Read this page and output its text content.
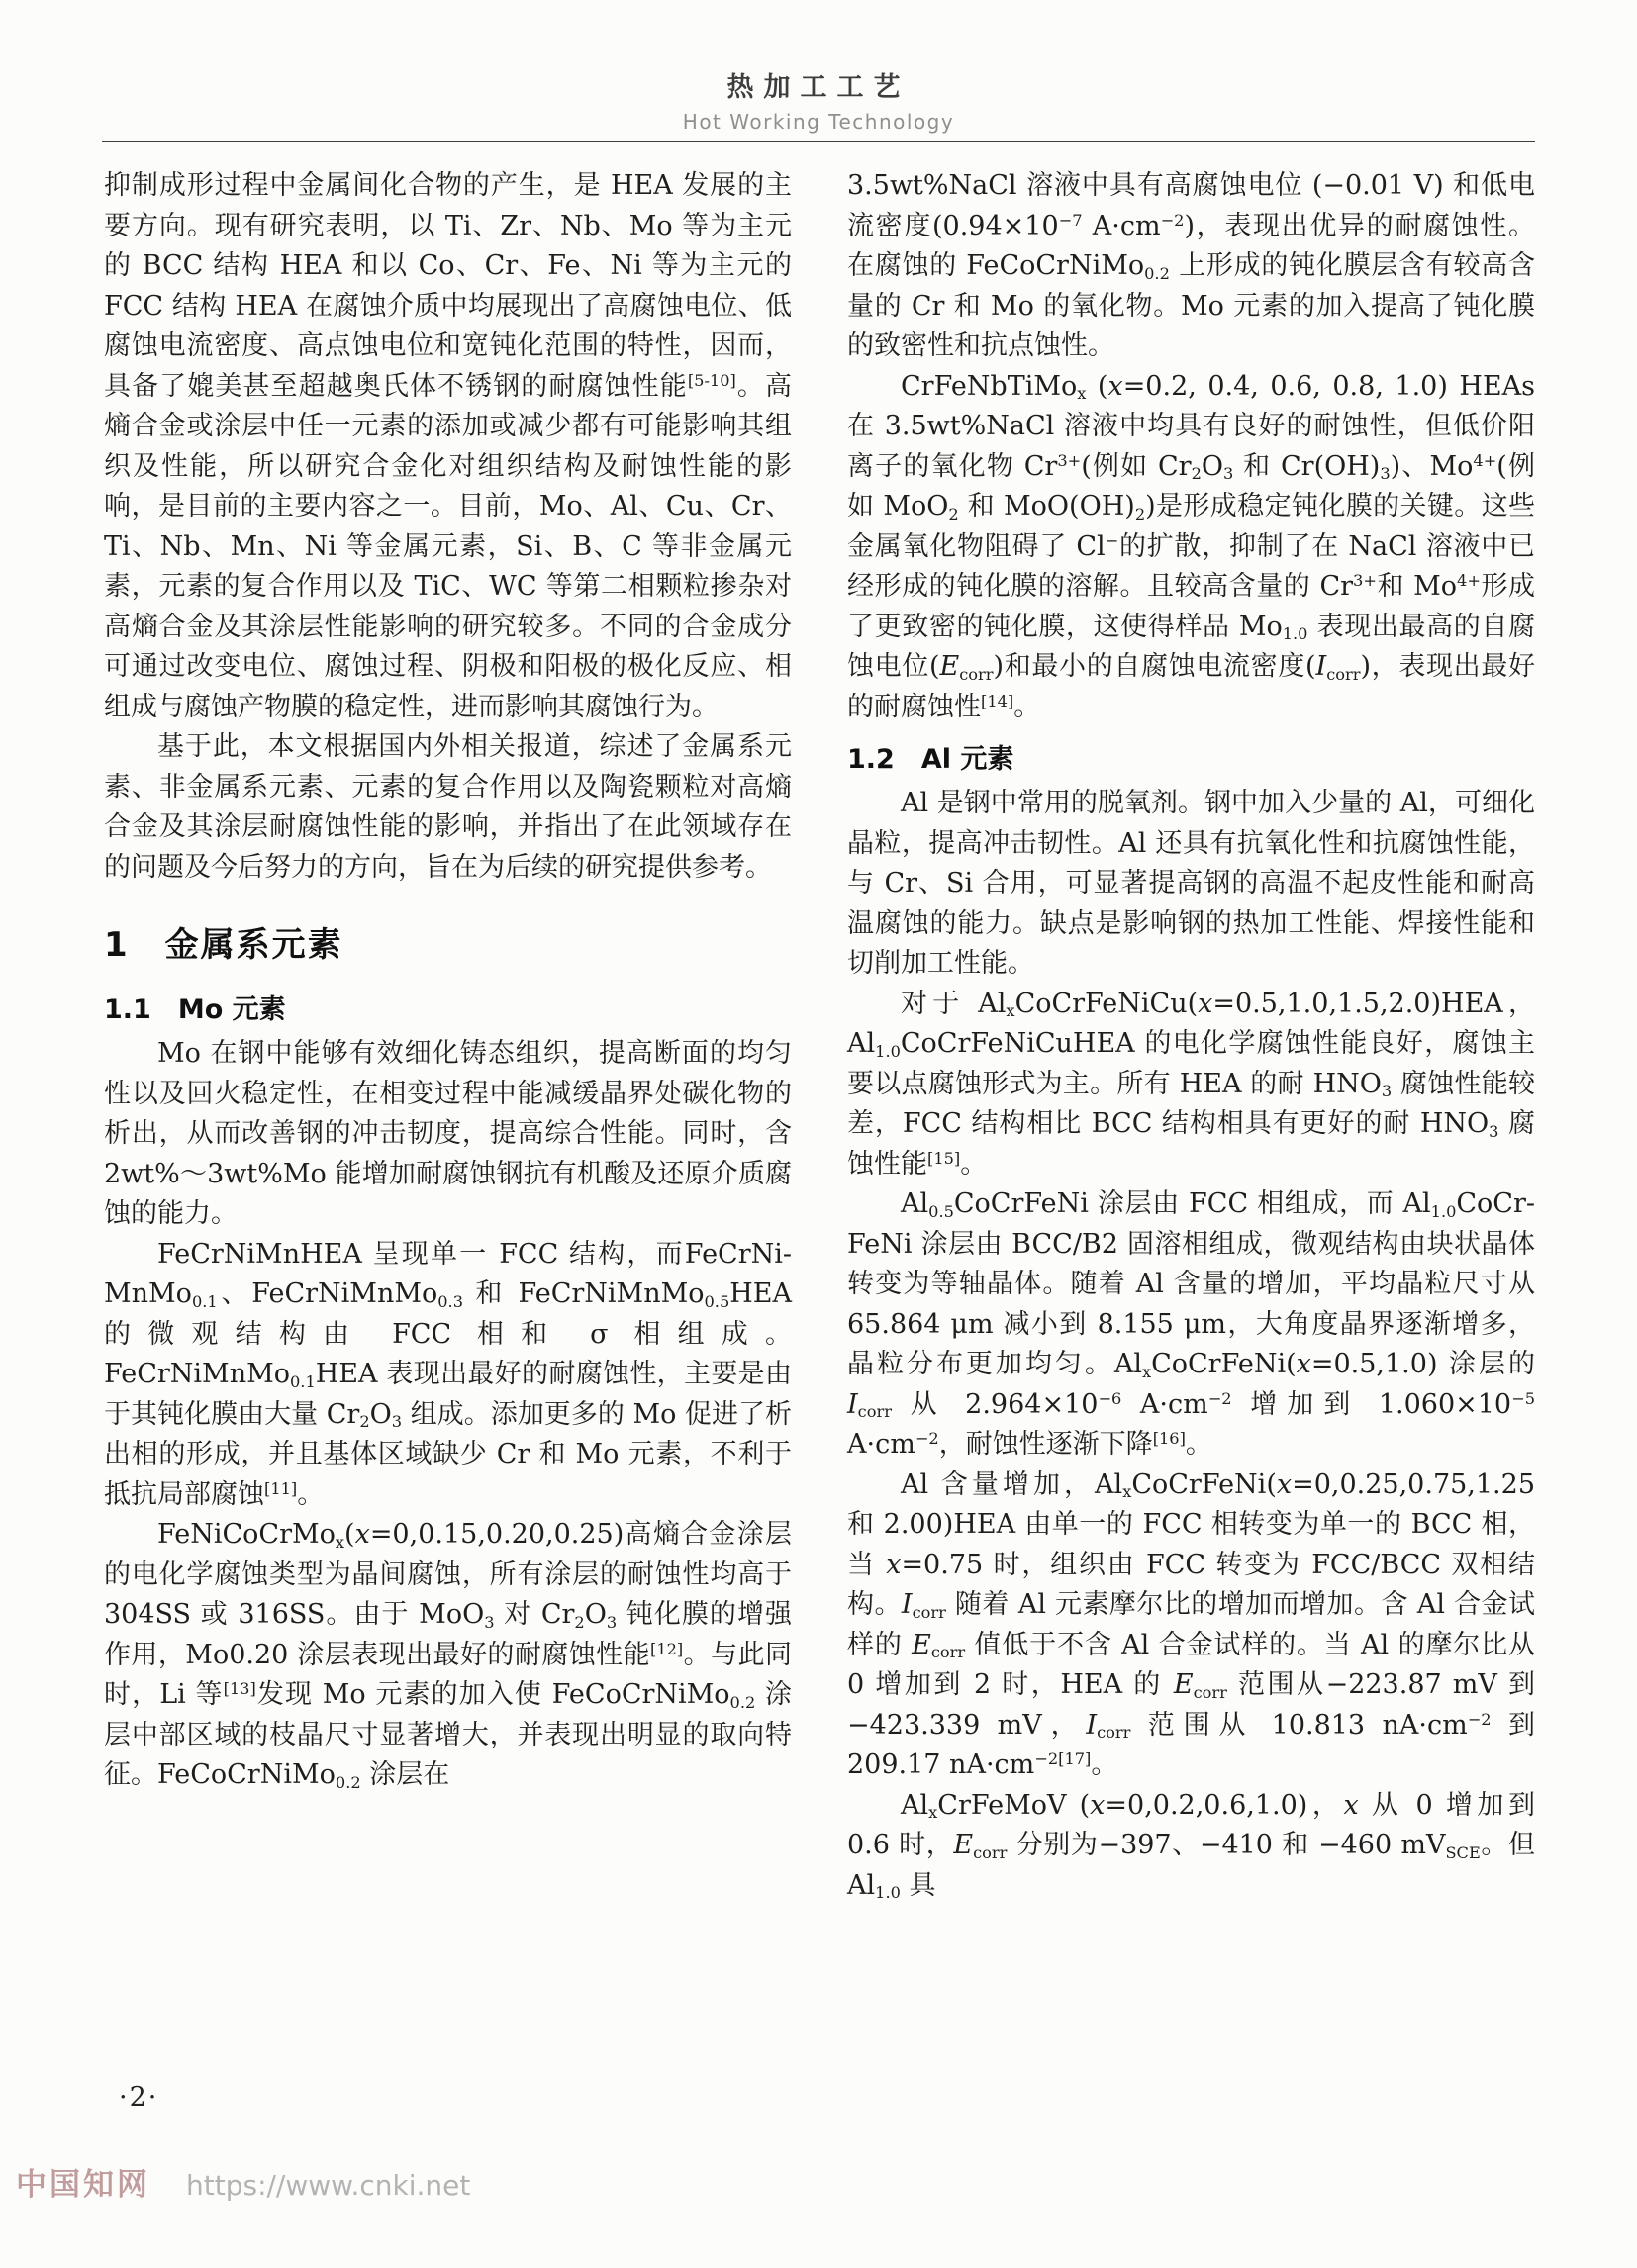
热加工工艺
Hot Working Technology

抑制成形过程中金属间化合物的产生，是 HEA 发展的主要方向。现有研究表明，以 Ti、Zr、Nb、Mo 等为主元的 BCC 结构 HEA 和以 Co、Cr、Fe、Ni 等为主元的 FCC 结构 HEA 在腐蚀介质中均展现出了高腐蚀电位、低腐蚀电流密度、高点蚀电位和宽钝化范围的特性，因而，具备了媲美甚至超越奥氏体不锈钢的耐腐蚀性能[5-10]。高熵合金或涂层中任一元素的添加或减少都有可能影响其组织及性能，所以研究合金化对组织结构及耐蚀性能的影响，是目前的主要内容之一。目前，Mo、Al、Cu、Cr、Ti、Nb、Mn、Ni 等金属元素，Si、B、C 等非金属元素，元素的复合作用以及 TiC、WC 等第二相颗粒掺杂对高熵合金及其涂层性能影响的研究较多。不同的合金成分可通过改变电位、腐蚀过程、阴极和阳极的极化反应、相组成与腐蚀产物膜的稳定性，进而影响其腐蚀行为。

基于此，本文根据国内外相关报道，综述了金属系元素、非金属系元素、元素的复合作用以及陶瓷颗粒对高熵合金及其涂层耐腐蚀性能的影响，并指出了在此领域存在的问题及今后努力的方向，旨在为后续的研究提供参考。

1　金属系元素
1.1　Mo 元素

Mo 在钢中能够有效细化铸态组织，提高断面的均匀性以及回火稳定性，在相变过程中能减缓晶界处碳化物的析出，从而改善钢的冲击韧度，提高综合性能。同时，含 2wt%～3wt%Mo 能增加耐腐蚀钢抗有机酸及还原介质腐蚀的能力。

FeCrNiMnHEA 呈现单一 FCC 结构，而FeCrNi-MnMo$_{0.1}$、FeCrNiMnMo$_{0.3}$ 和 FeCrNiMnMo$_{0.5}$HEA 的微观结构由 FCC 相和 σ 相组成。FeCrNiMnMo$_{0.1}$HEA 表现出最好的耐腐蚀性，主要是由于其钝化膜由大量 $Cr_2O_3$ 组成。添加更多的 Mo 促进了析出相的形成，并且基体区域缺少 Cr 和 Mo 元素，不利于抵抗局部腐蚀[11]。

FeNiCoCrMo$_x$(x=0,0.15,0.20,0.25)高熵合金涂层的电化学腐蚀类型为晶间腐蚀，所有涂层的耐蚀性均高于 304SS 或 316SS。由于 MoO$_3$ 对 $Cr_2O_3$ 钝化膜的增强作用，Mo0.20 涂层表现出最好的耐腐蚀性能[12]。与此同时，Li 等[13]发现 Mo 元素的加入使 FeCoCrNiMo$_{0.2}$ 涂层中部区域的枝晶尺寸显著增大，并表现出明显的取向特征。FeCoCrNiMo$_{0.2}$ 涂层在

3.5wt%NaCl 溶液中具有高腐蚀电位 (−0.01 V) 和低电流密度($0.94\times 10^{-7}$ $A\cdot cm^{-2}$)，表现出优异的耐腐蚀性。在腐蚀的 FeCoCrNiMo$_{0.2}$ 上形成的钝化膜层含有较高含量的 Cr 和 Mo 的氧化物。Mo 元素的加入提高了钝化膜的致密性和抗点蚀性。

CrFeNbTiMo$_x$ (x=0.2, 0.4, 0.6, 0.8, 1.0) HEAs 在 3.5wt%NaCl 溶液中均具有良好的耐蚀性，但低价阳离子的氧化物 $Cr^{3+}$(例如 $Cr_2O_3$ 和 $Cr(OH)_3$)、$Mo^{4+}$(例如 MoO$_2$ 和 $MoO(OH)_2$)是形成稳定钝化膜的关键。这些金属氧化物阻碍了 Cl−的扩散，抑制了在 NaCl 溶液中已经形成的钝化膜的溶解。且较高含量的 $Cr^{3+}$和 $Mo^{4+}$形成了更致密的钝化膜，这使得样品 $Mo_{1.0}$ 表现出最高的自腐蚀电位$(E_{corr})$和最小的自腐蚀电流密度$(I_{corr})$，表现出最好的耐腐蚀性[14]。

1.2　Al 元素

Al 是钢中常用的脱氧剂。钢中加入少量的 Al，可细化晶粒，提高冲击韧性。Al 还具有抗氧化性和抗腐蚀性能，与 Cr、Si 合用，可显著提高钢的高温不起皮性能和耐高温腐蚀的能力。缺点是影响钢的热加工性能、焊接性能和切削加工性能。

对于 $Al_xCoCrFeNiCu(x=0.5,1.0,1.5,2.0)HEA$，$Al_{1.0}CoCrFeNiCuHEA$ 的电化学腐蚀性能良好，腐蚀主要以点腐蚀形式为主。所有 HEA 的耐 $HNO_3$ 腐蚀性能较差，FCC 结构相比 BCC 结构相具有更好的耐 $HNO_3$ 腐蚀性能[15]。

$Al_{0.5}CoCrFeNi$ 涂层由 FCC 相组成，而 $Al_{1.0}CoCr$-FeNi 涂层由 BCC/B2 固溶相组成，微观结构由块状晶体转变为等轴晶体。随着 Al 含量的增加，平均晶粒尺寸从 65.864 μm 减小到 8.155 μm，大角度晶界逐渐增多，晶粒分布更加均匀。$Al_xCoCrFeNi(x=0.5,1.0)$ 涂层的 $I_{corr}$ 从 $2.964\times 10^{-6}$ $A\cdot cm^{-2}$ 增加到 $1.060\times 10^{-5}$ $A\cdot cm^{-2}$，耐蚀性逐渐下降[16]。

Al 含量增加，$Al_xCoCrFeNi(x=0,0.25,0.75,1.25$ 和 2.00)HEA 由单一的 FCC 相转变为单一的 BCC 相，当 x=0.75 时，组织由 FCC 转变为 FCC/BCC 双相结构。$I_{corr}$ 随着 Al 元素摩尔比的增加而增加。含 Al 合金试样的 $E_{corr}$ 值低于不含 Al 合金试样的。当 Al 的摩尔比从 0 增加到 2 时，HEA 的 $E_{corr}$ 范围从−223.87 mV 到−423.339 mV，$I_{corr}$ 范围从 10.813 $nA\cdot cm^{-2}$ 到 209.17 $nA\cdot cm^{-2[17]}$。

$Al_xCrFeMoV$ (x=0,0.2,0.6,1.0)，x 从 0 增加到0.6 时，$E_{corr}$ 分别为−397、−410 和 −460 $mV_{SCE}$。但 $Al_{1.0}$ 具

·2·
中国知网 https://www.cnki.net
